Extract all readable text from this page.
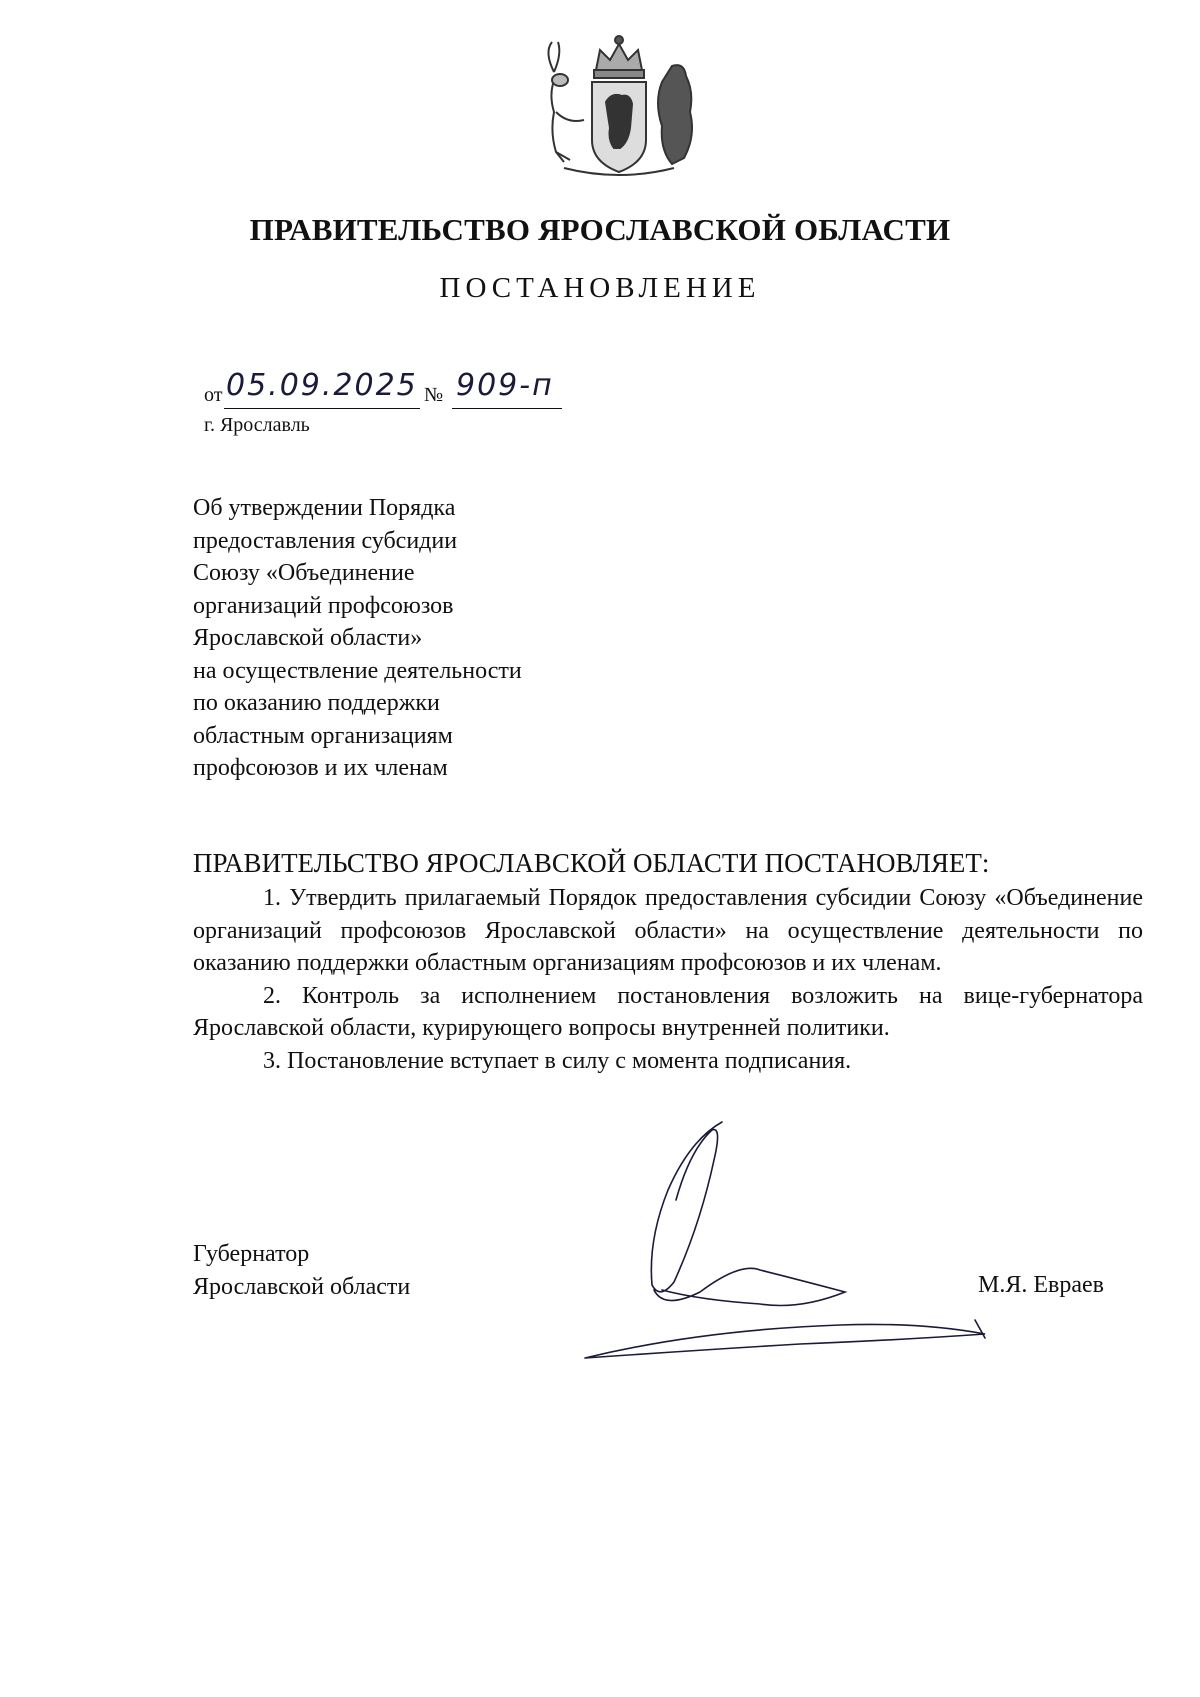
ПРАВИТЕЛЬСТВО ЯРОСЛАВСКОЙ ОБЛАСТИ
ПОСТАНОВЛЕНИЕ
от 05.09.2025 № 909-п
г. Ярославль
Об утверждении Порядка
предоставления субсидии
Союзу «Объединение
организаций профсоюзов
Ярославской области»
на осуществление деятельности
по оказанию поддержки
областным организациям
профсоюзов и их членам
ПРАВИТЕЛЬСТВО ЯРОСЛАВСКОЙ ОБЛАСТИ ПОСТАНОВЛЯЕТ:

1. Утвердить прилагаемый Порядок предоставления субсидии Союзу «Объединение организаций профсоюзов Ярославской области» на осуществление деятельности по оказанию поддержки областным организациям профсоюзов и их членам.

2. Контроль за исполнением постановления возложить на вице-губернатора Ярославской области, курирующего вопросы внутренней политики.

3. Постановление вступает в силу с момента подписания.

Губернатор
Ярославской области	М.Я. Евраев
